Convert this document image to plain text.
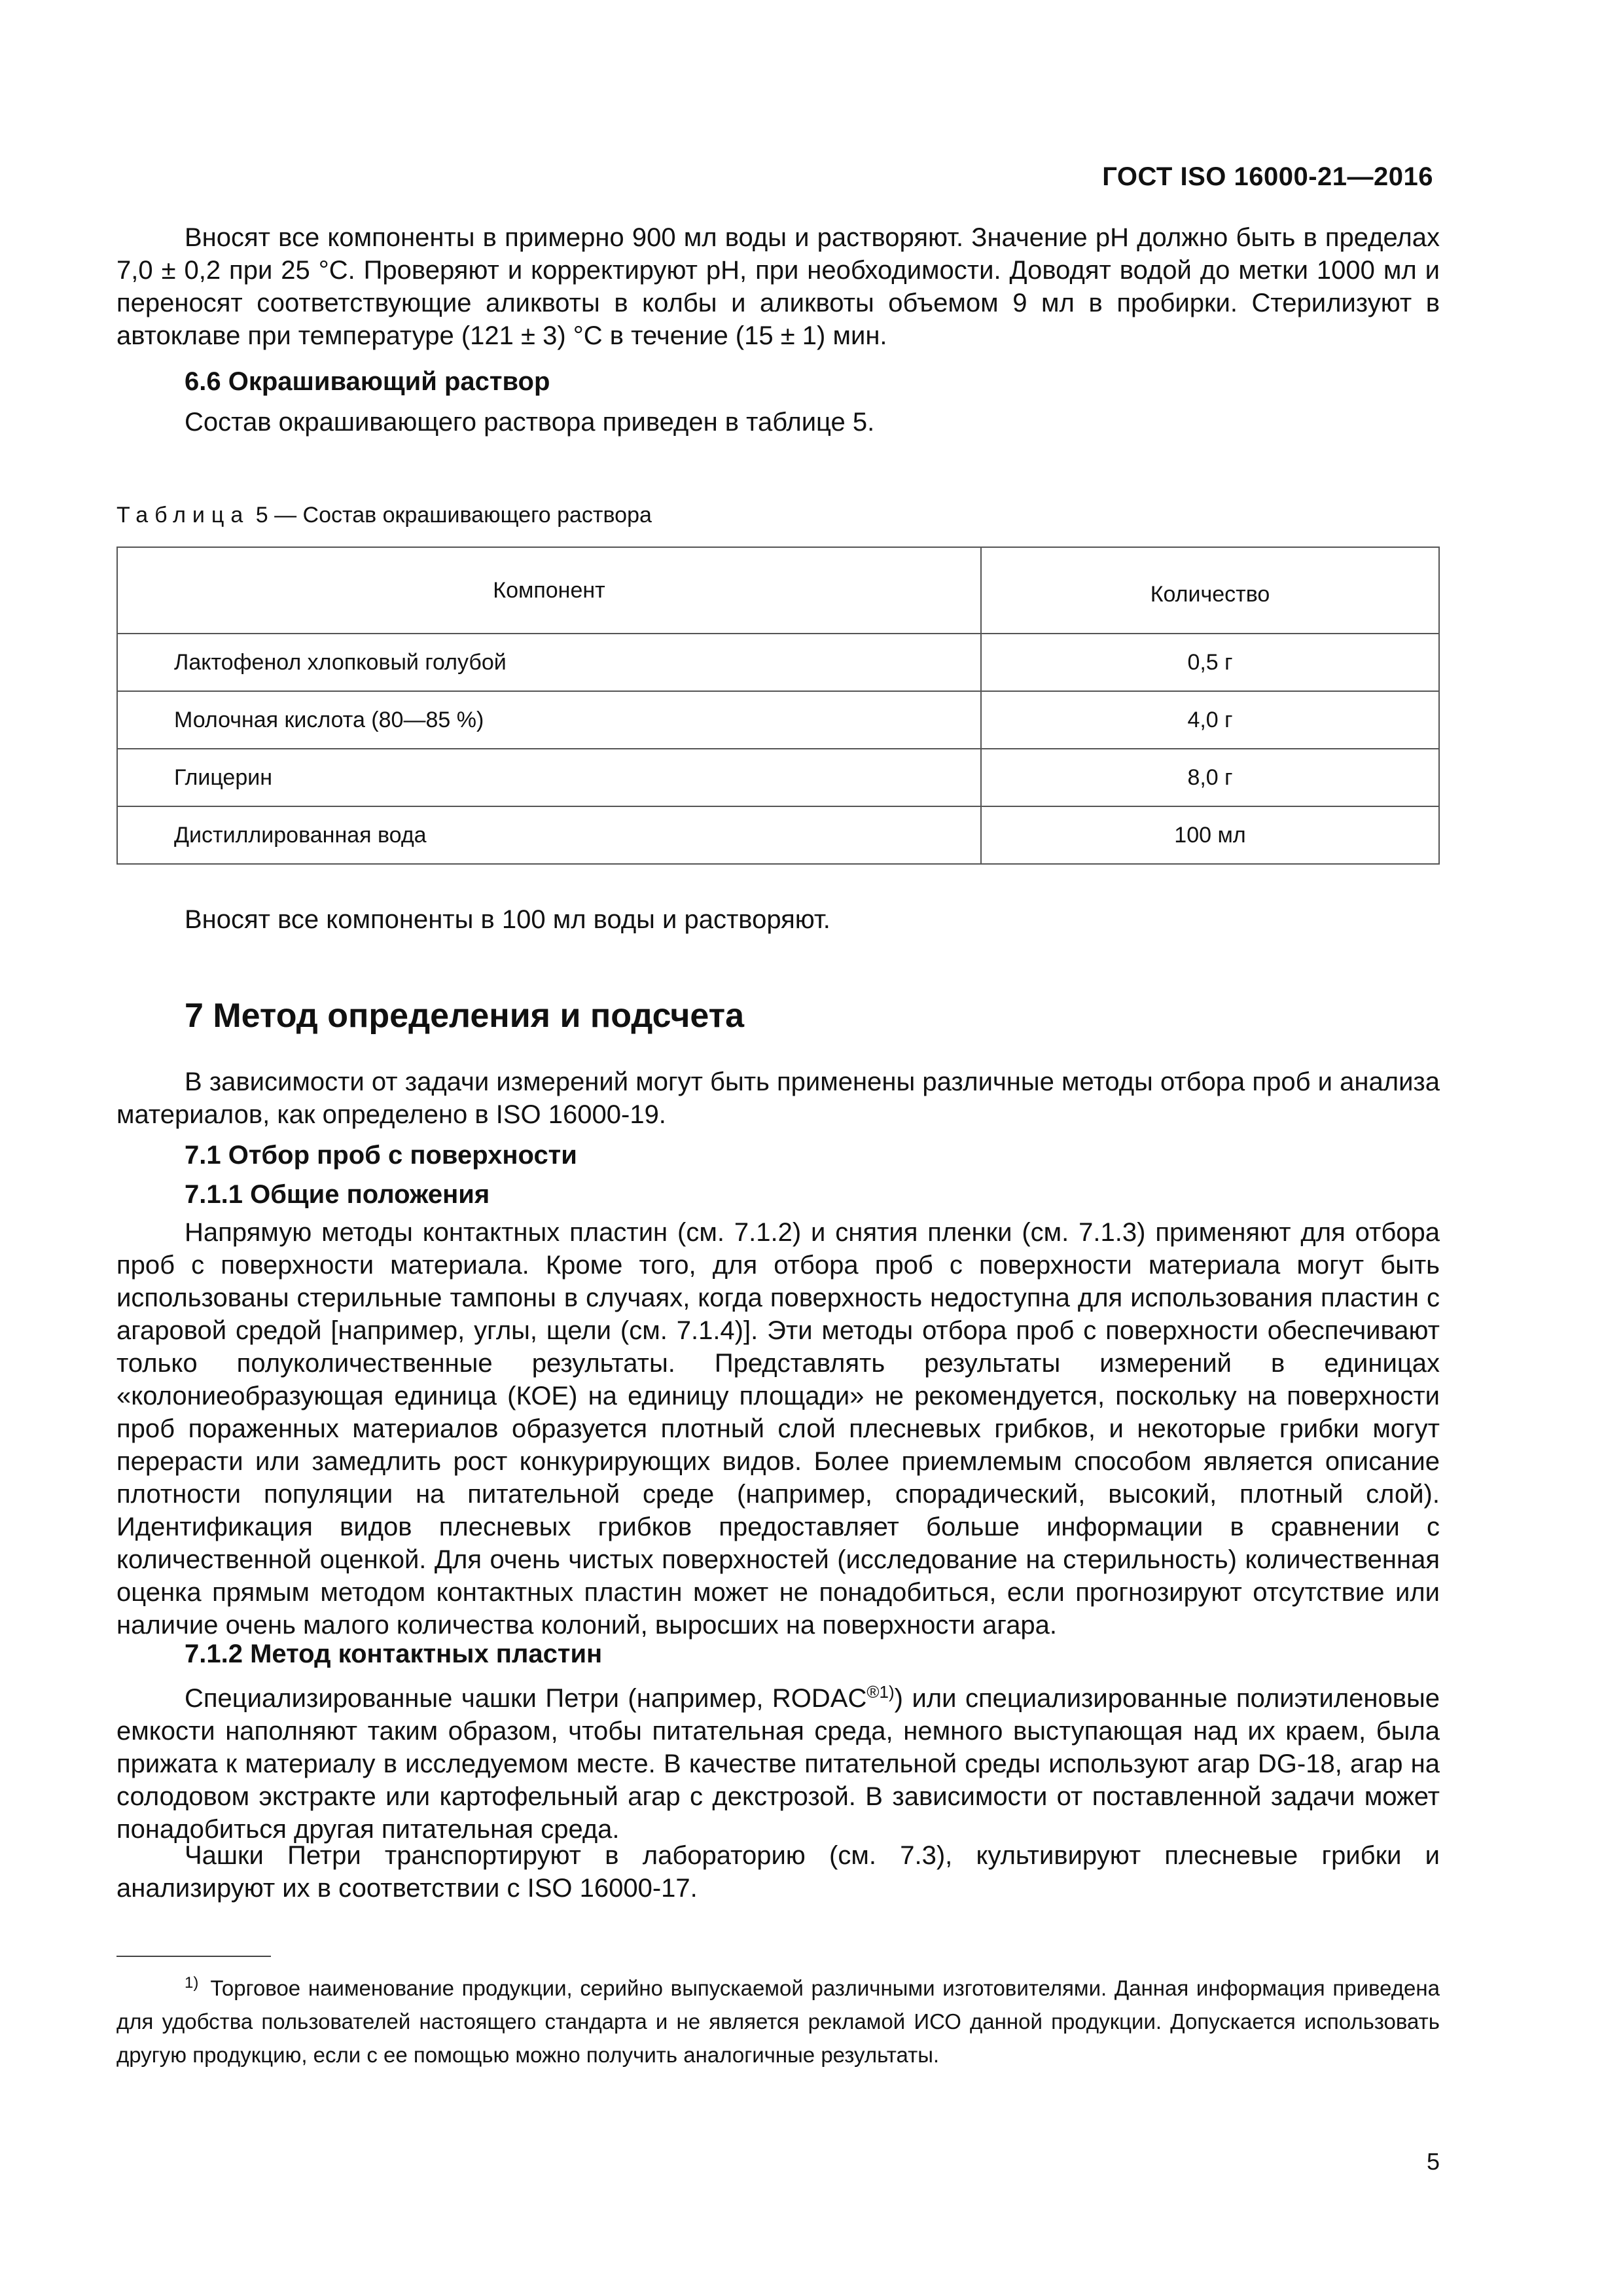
ГОСТ ISO 16000-21—2016

Вносят все компоненты в примерно 900 мл воды и растворяют. Значение pH должно быть в пределах 7,0 ± 0,2 при 25 °С. Проверяют и корректируют pH, при необходимости. Доводят водой до метки 1000 мл и переносят соответствующие аликвоты в колбы и аликвоты объемом 9 мл в пробирки. Стерилизуют в автоклаве при температуре (121 ± 3) °С в течение (15 ± 1) мин.

6.6 Окрашивающий раствор

Состав окрашивающего раствора приведен в таблице 5.

Таблица 5 — Состав окрашивающего раствора
Компонент	Количество
Лактофенол хлопковый голубой	0,5 г
Молочная кислота (80—85 %)	4,0 г
Глицерин	8,0 г
Дистиллированная вода	100 мл

Вносят все компоненты в 100 мл воды и растворяют.

7 Метод определения и подсчета

В зависимости от задачи измерений могут быть применены различные методы отбора проб и анализа материалов, как определено в ISO 16000-19.

7.1 Отбор проб с поверхности
7.1.1 Общие положения

Напрямую методы контактных пластин (см. 7.1.2) и снятия пленки (см. 7.1.3) применяют для отбора проб с поверхности материала. Кроме того, для отбора проб с поверхности материала могут быть использованы стерильные тампоны в случаях, когда поверхность недоступна для использования пластин с агаровой средой [например, углы, щели (см. 7.1.4)]. Эти методы отбора проб с поверхности обеспечивают только полуколичественные результаты. Представлять результаты измерений в единицах «колониеобразующая единица (КОЕ) на единицу площади» не рекомендуется, поскольку на поверхности проб пораженных материалов образуется плотный слой плесневых грибков, и некоторые грибки могут перерасти или замедлить рост конкурирующих видов. Более приемлемым способом является описание плотности популяции на питательной среде (например, спорадический, высокий, плотный слой). Идентификация видов плесневых грибков предоставляет больше информации в сравнении с количественной оценкой. Для очень чистых поверхностей (исследование на стерильность) количественная оценка прямым методом контактных пластин может не понадобиться, если прогнозируют отсутствие или наличие очень малого количества колоний, выросших на поверхности агара.

7.1.2 Метод контактных пластин

Специализированные чашки Петри (например, $RODAC^{®1)}$) или специализированные полиэтиленовые емкости наполняют таким образом, чтобы питательная среда, немного выступающая над их краем, была прижата к материалу в исследуемом месте. В качестве питательной среды используют агар DG-18, агар на солодовом экстракте или картофельный агар с декстрозой. В зависимости от поставленной задачи может понадобиться другая питательная среда.

Чашки Петри транспортируют в лабораторию (см. 7.3), культивируют плесневые грибки и анализируют их в соответствии с ISO 16000-17.

$^{1)}$ Торговое наименование продукции, серийно выпускаемой различными изготовителями. Данная информация приведена для удобства пользователей настоящего стандарта и не является рекламой ИСО данной продукции. Допускается использовать другую продукцию, если с ее помощью можно получить аналогичные результаты.

5
